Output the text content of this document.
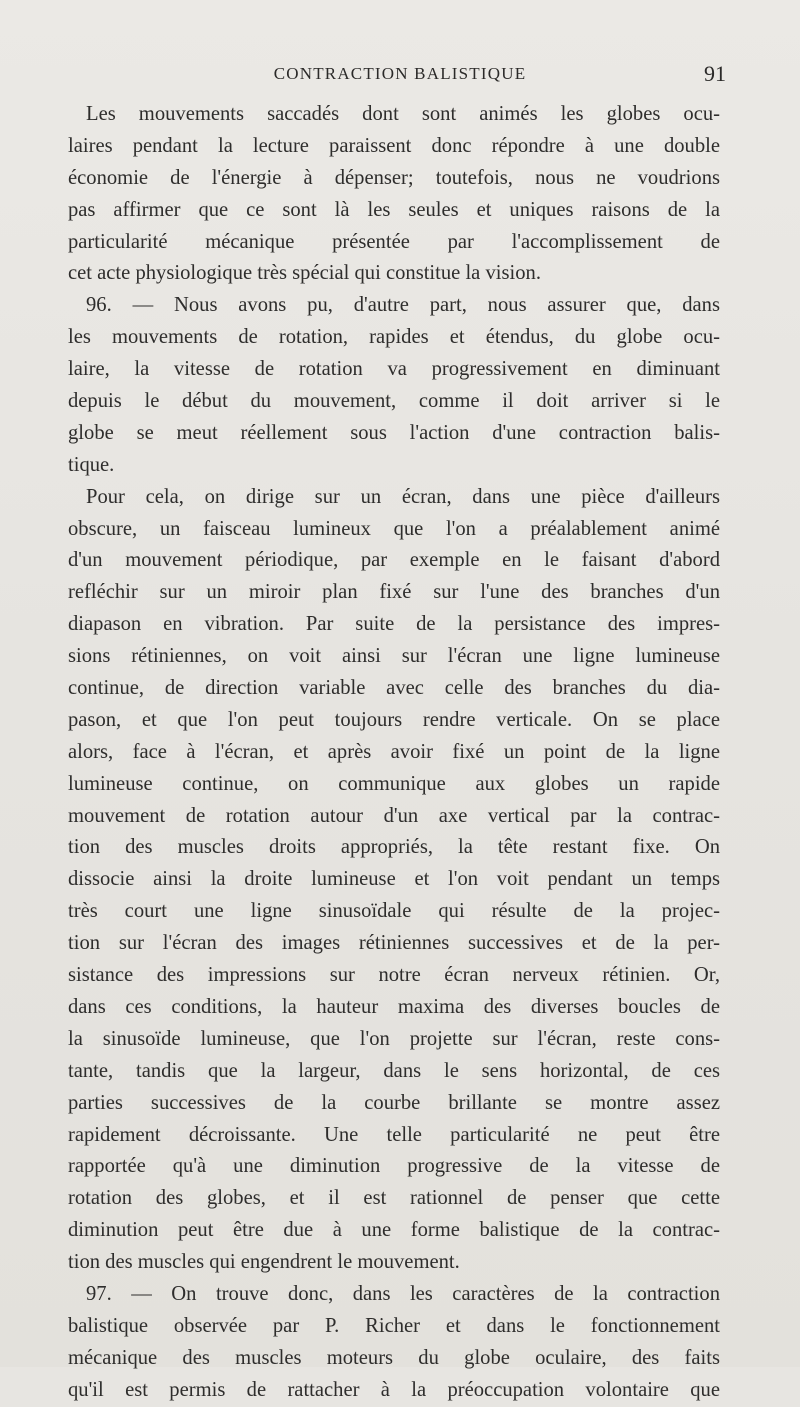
CONTRACTION BALISTIQUE	91
Les mouvements saccadés dont sont animés les globes ocu-
laires pendant la lecture paraissent donc répondre à une double
économie de l'énergie à dépenser; toutefois, nous ne voudrions
pas affirmer que ce sont là les seules et uniques raisons de la
particularité mécanique présentée par l'accomplissement de
cet acte physiologique très spécial qui constitue la vision.
96. — Nous avons pu, d'autre part, nous assurer que, dans
les mouvements de rotation, rapides et étendus, du globe ocu-
laire, la vitesse de rotation va progressivement en diminuant
depuis le début du mouvement, comme il doit arriver si le
globe se meut réellement sous l'action d'une contraction balis-
tique.
Pour cela, on dirige sur un écran, dans une pièce d'ailleurs
obscure, un faisceau lumineux que l'on a préalablement animé
d'un mouvement périodique, par exemple en le faisant d'abord
refléchir sur un miroir plan fixé sur l'une des branches d'un
diapason en vibration. Par suite de la persistance des impres-
sions rétiniennes, on voit ainsi sur l'écran une ligne lumineuse
continue, de direction variable avec celle des branches du dia-
pason, et que l'on peut toujours rendre verticale. On se place
alors, face à l'écran, et après avoir fixé un point de la ligne
lumineuse continue, on communique aux globes un rapide
mouvement de rotation autour d'un axe vertical par la contrac-
tion des muscles droits appropriés, la tête restant fixe. On
dissocie ainsi la droite lumineuse et l'on voit pendant un temps
très court une ligne sinusoïdale qui résulte de la projec-
tion sur l'écran des images rétiniennes successives et de la per-
sistance des impressions sur notre écran nerveux rétinien. Or,
dans ces conditions, la hauteur maxima des diverses boucles de
la sinusoïde lumineuse, que l'on projette sur l'écran, reste cons-
tante, tandis que la largeur, dans le sens horizontal, de ces
parties successives de la courbe brillante se montre assez
rapidement décroissante. Une telle particularité ne peut être
rapportée qu'à une diminution progressive de la vitesse de
rotation des globes, et il est rationnel de penser que cette
diminution peut être due à une forme balistique de la contrac-
tion des muscles qui engendrent le mouvement.
97. — On trouve donc, dans les caractères de la contraction
balistique observée par P. Richer et dans le fonctionnement
mécanique des muscles moteurs du globe oculaire, des faits
qu'il est permis de rattacher à la préoccupation volontaire que
